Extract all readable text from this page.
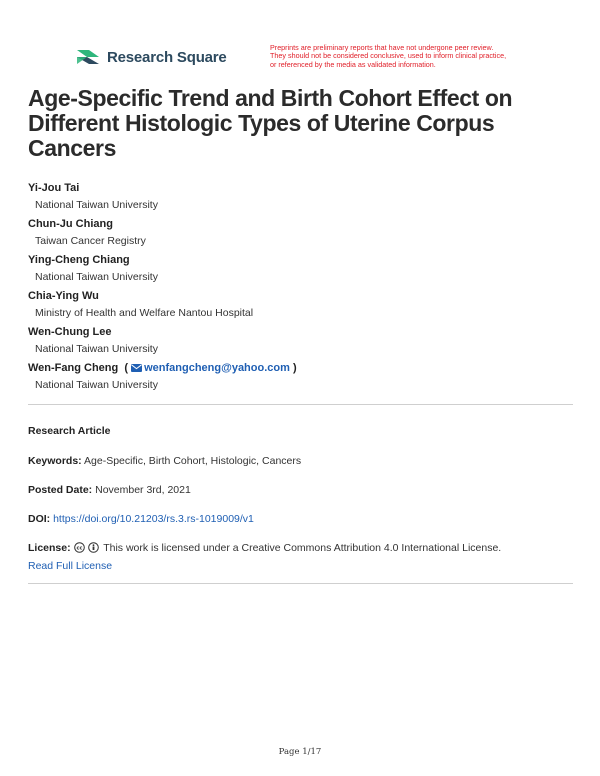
Research Square
Preprints are preliminary reports that have not undergone peer review.
They should not be considered conclusive, used to inform clinical practice,
or referenced by the media as validated information.
Age-Specific Trend and Birth Cohort Effect on Different Histologic Types of Uterine Corpus Cancers
Yi-Jou Tai
National Taiwan University
Chun-Ju Chiang
Taiwan Cancer Registry
Ying-Cheng Chiang
National Taiwan University
Chia-Ying Wu
Ministry of Health and Welfare Nantou Hospital
Wen-Chung Lee
National Taiwan University
Wen-Fang Cheng  ( wenfangcheng@yahoo.com )
National Taiwan University
Research Article
Keywords: Age-Specific, Birth Cohort, Histologic, Cancers
Posted Date: November 3rd, 2021
DOI: https://doi.org/10.21203/rs.3.rs-1019009/v1
License: cc This work is licensed under a Creative Commons Attribution 4.0 International License.
Read Full License
Page 1/17
